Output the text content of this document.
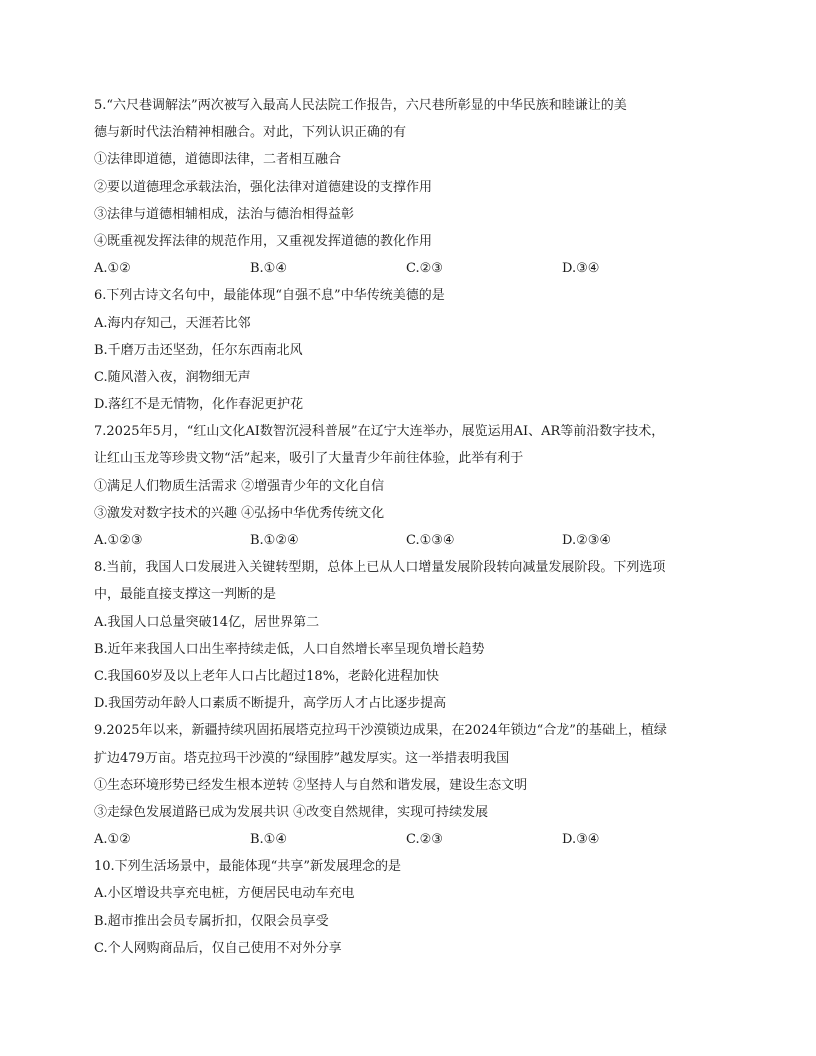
5.“六尺巷调解法”两次被写入最高人民法院工作报告，六尺巷所彰显的中华民族和睦谦让的美
德与新时代法治精神相融合。对此，下列认识正确的有
①法律即道德，道德即法律，二者相互融合
②要以道德理念承载法治，强化法律对道德建设的支撑作用
③法律与道德相辅相成，法治与德治相得益彰
④既重视发挥法律的规范作用，又重视发挥道德的教化作用
A.①②	B.①④	C.②③	D.③④
6.下列古诗文名句中，最能体现“自强不息”中华传统美德的是
A.海内存知己，天涯若比邻
B.千磨万击还坚劲，任尔东西南北风
C.随风潜入夜，润物细无声
D.落红不是无情物，化作春泥更护花
7.2025年5月，“红山文化AI数智沉浸科普展”在辽宁大连举办，展览运用AI、AR等前沿数字技术，
让红山玉龙等珍贵文物“活”起来，吸引了大量青少年前往体验，此举有利于
①满足人们物质生活需求 ②增强青少年的文化自信
③激发对数字技术的兴趣 ④弘扬中华优秀传统文化
A.①②③	B.①②④	C.①③④	D.②③④
8.当前，我国人口发展进入关键转型期，总体上已从人口增量发展阶段转向减量发展阶段。下列选项
中，最能直接支撑这一判断的是
A.我国人口总量突破14亿，居世界第二
B.近年来我国人口出生率持续走低，人口自然增长率呈现负增长趋势
C.我国60岁及以上老年人口占比超过18%，老龄化进程加快
D.我国劳动年龄人口素质不断提升，高学历人才占比逐步提高
9.2025年以来，新疆持续巩固拓展塔克拉玛干沙漠锁边成果，在2024年锁边“合龙”的基础上，植绿
扩边479万亩。塔克拉玛干沙漠的“绿围脖”越发厚实。这一举措表明我国
①生态环境形势已经发生根本逆转 ②坚持人与自然和谐发展，建设生态文明
③走绿色发展道路已成为发展共识 ④改变自然规律，实现可持续发展
A.①②	B.①④	C.②③	D.③④
10.下列生活场景中，最能体现“共享”新发展理念的是
A.小区增设共享充电桩，方便居民电动车充电
B.超市推出会员专属折扣，仅限会员享受
C.个人网购商品后，仅自己使用不对外分享
